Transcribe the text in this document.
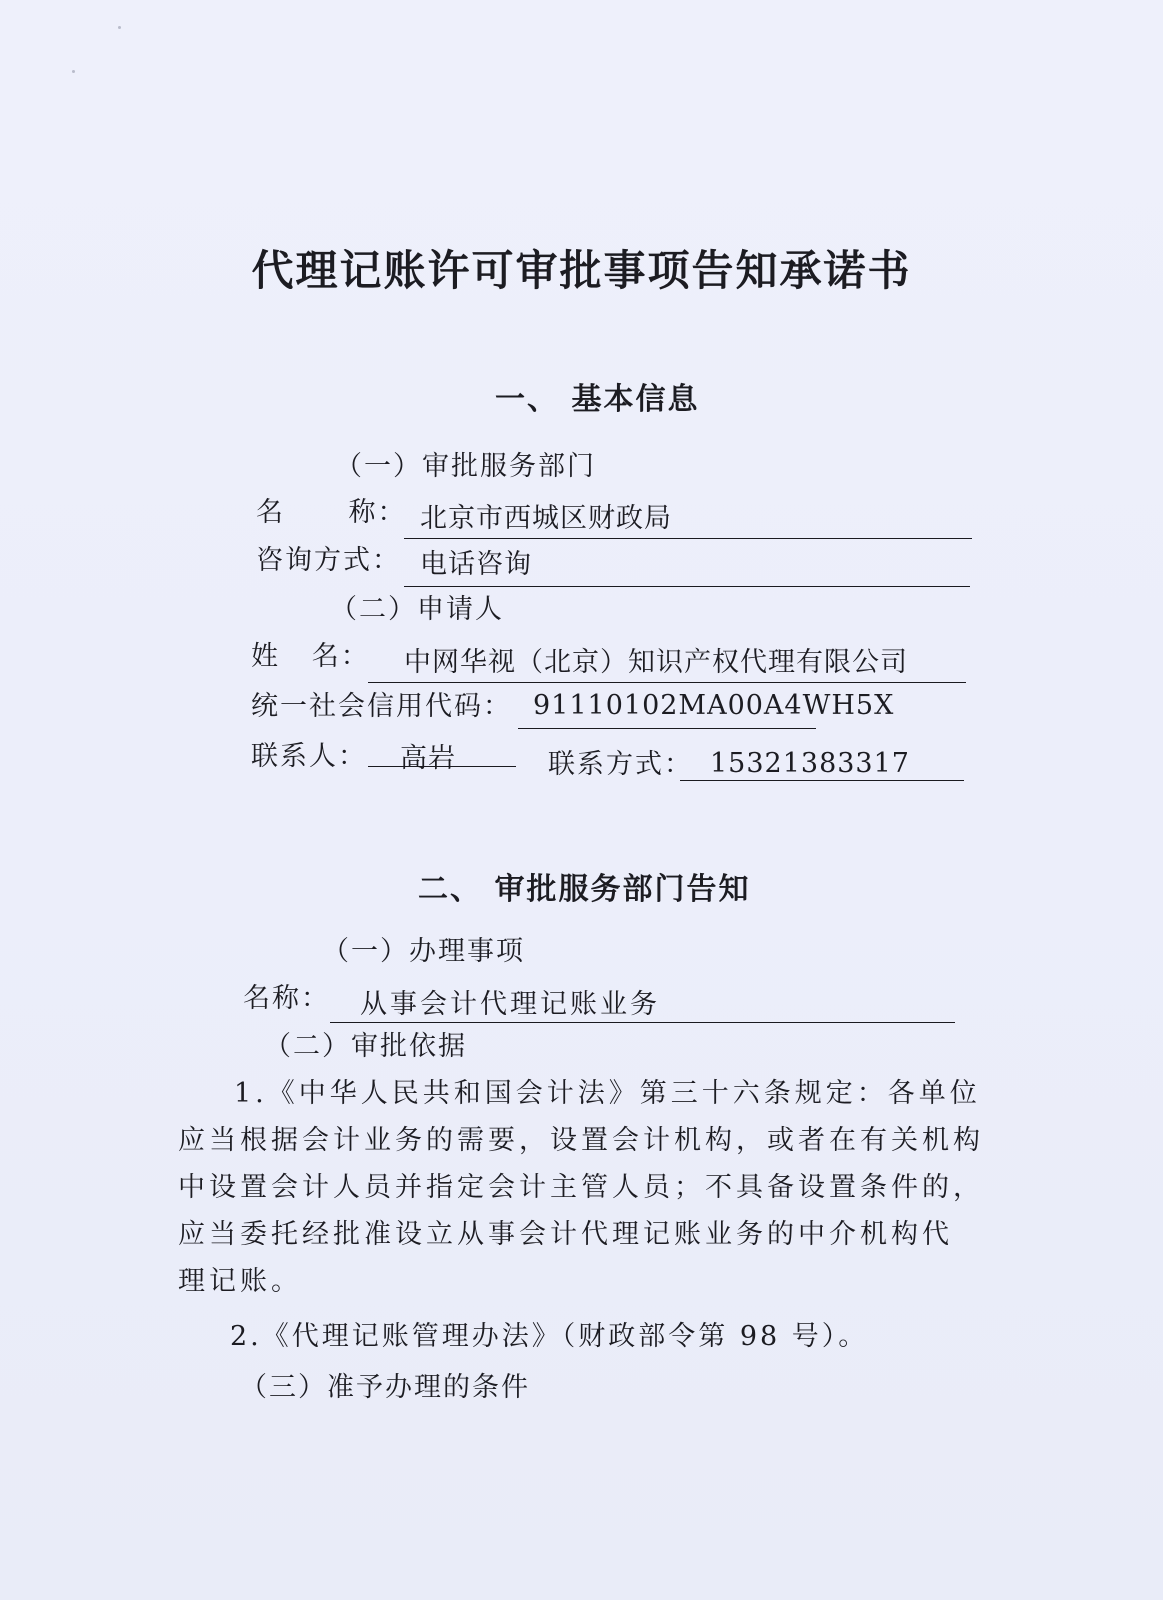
代理记账许可审批事项告知承诺书
一、 基本信息
（一）审批服务部门
名      称： 北京市西城区财政局
咨询方式： 电话咨询
（二）申请人
姓   名： 中网华视（北京）知识产权代理有限公司
统一社会信用代码： 91110102MA00A4WH5X
联系人： 高岩	联系方式： 15321383317
二、 审批服务部门告知
（一）办理事项
名称： 从事会计代理记账业务
（二）审批依据
1.《中华人民共和国会计法》第三十六条规定：各单位
应当根据会计业务的需要，设置会计机构，或者在有关机构
中设置会计人员并指定会计主管人员；不具备设置条件的，
应当委托经批准设立从事会计代理记账业务的中介机构代
理记账。
2.《代理记账管理办法》（财政部令第 98 号）。
（三）准予办理的条件
